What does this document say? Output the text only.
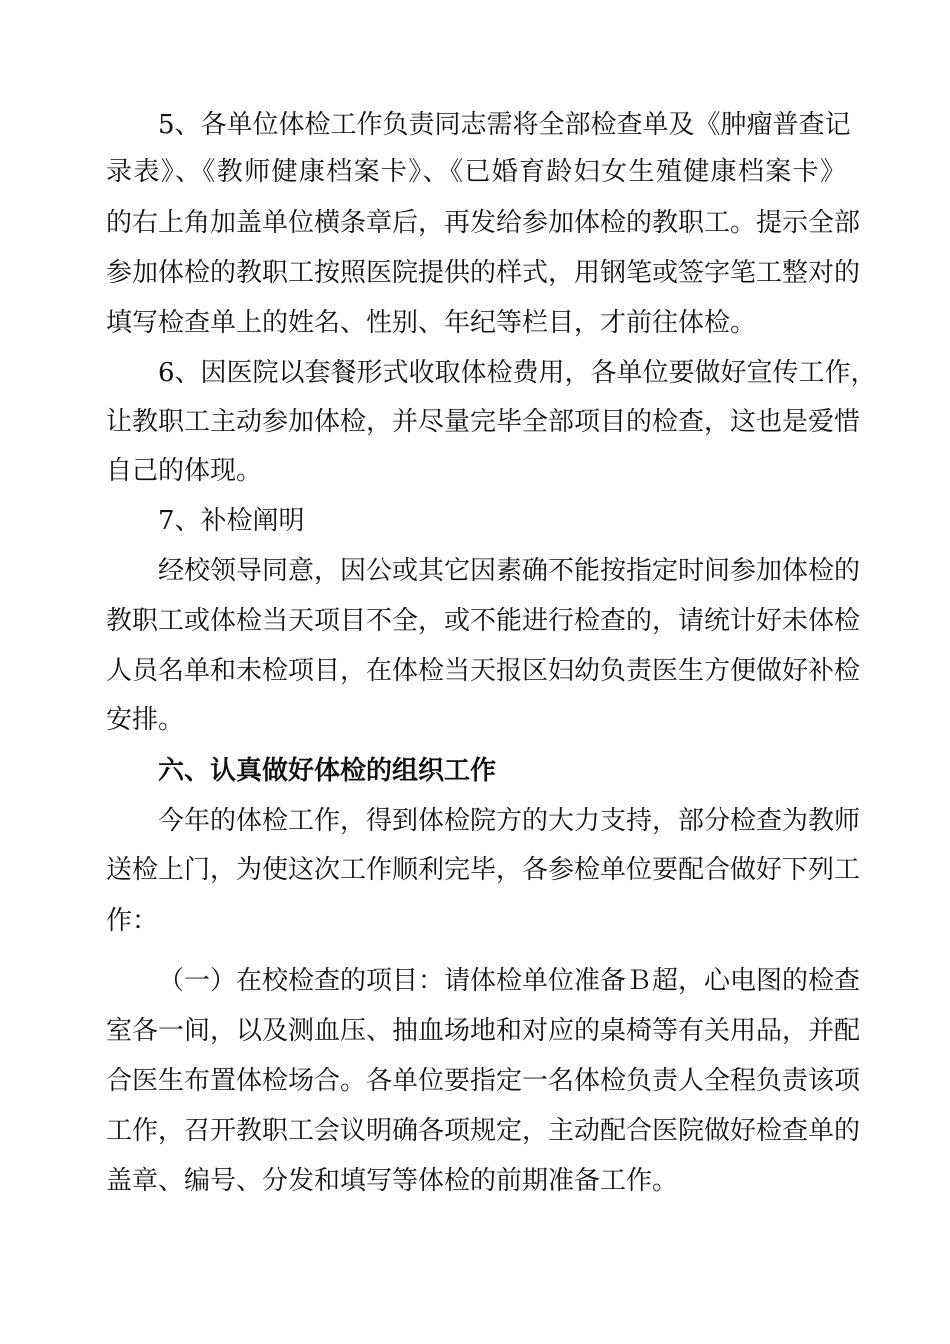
5、各单位体检工作负责同志需将全部检查单及《肿瘤普查记
录表》、《教师健康档案卡》、《已婚育龄妇女生殖健康档案卡》
的右上角加盖单位横条章后，再发给参加体检的教职工。提示全部
参加体检的教职工按照医院提供的样式，用钢笔或签字笔工整对的
填写检查单上的姓名、性别、年纪等栏目，才前往体检。
6、因医院以套餐形式收取体检费用，各单位要做好宣传工作，
让教职工主动参加体检，并尽量完毕全部项目的检查，这也是爱惜
自己的体现。
7、补检阐明
经校领导同意，因公或其它因素确不能按指定时间参加体检的
教职工或体检当天项目不全，或不能进行检查的，请统计好未体检
人员名单和未检项目，在体检当天报区妇幼负责医生方便做好补检
安排。
六、认真做好体检的组织工作
今年的体检工作，得到体检院方的大力支持，部分检查为教师
送检上门，为使这次工作顺利完毕，各参检单位要配合做好下列工
作：
（一）在校检查的项目：请体检单位准备Ｂ超，心电图的检查
室各一间，以及测血压、抽血场地和对应的桌椅等有关用品，并配
合医生布置体检场合。各单位要指定一名体检负责人全程负责该项
工作，召开教职工会议明确各项规定，主动配合医院做好检查单的
盖章、编号、分发和填写等体检的前期准备工作。
